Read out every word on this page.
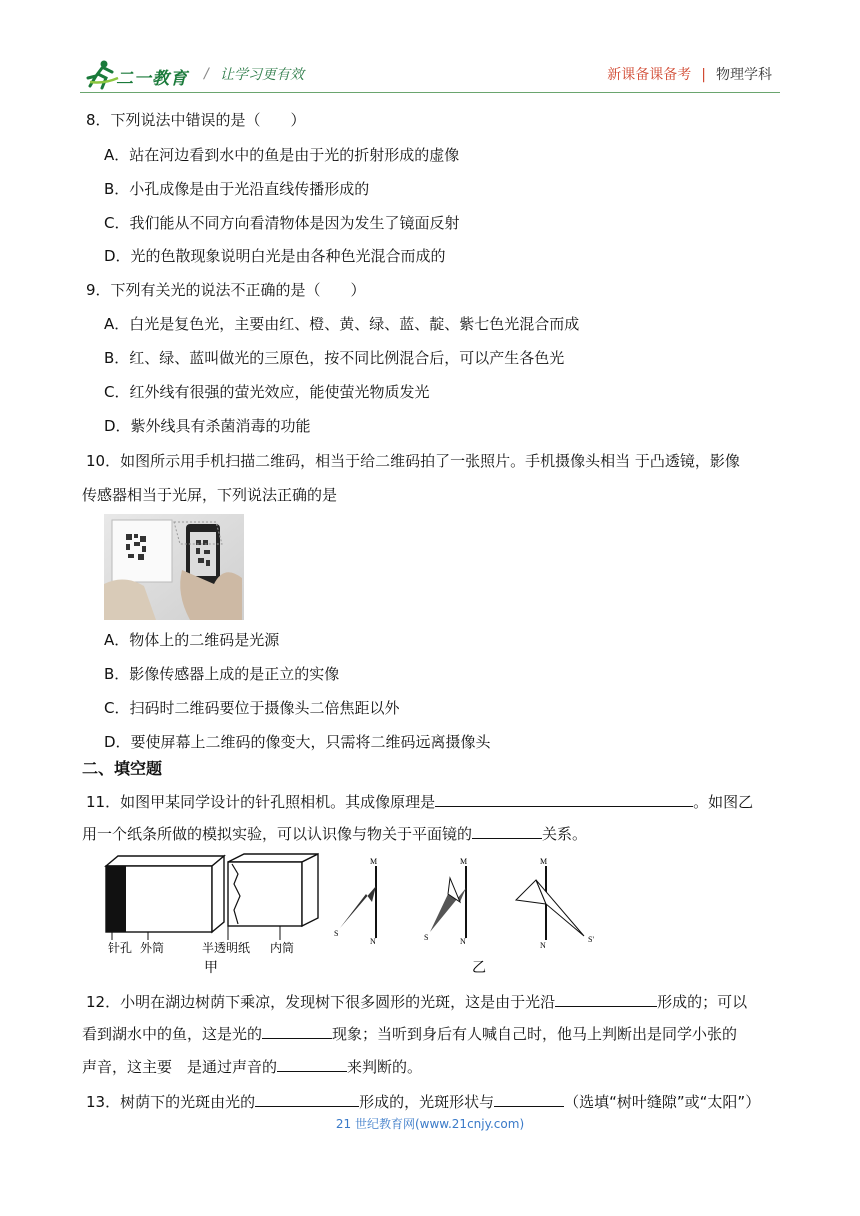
二一教育 / 让学习更有效	新课备课备考 | 物理学科
8．下列说法中错误的是（　　）
A．站在河边看到水中的鱼是由于光的折射形成的虚像
B．小孔成像是由于光沿直线传播形成的
C．我们能从不同方向看清物体是因为发生了镜面反射
D．光的色散现象说明白光是由各种色光混合而成的
9．下列有关光的说法不正确的是（　　）
A．白光是复色光，主要由红、橙、黄、绿、蓝、靛、紫七色光混合而成
B．红、绿、蓝叫做光的三原色，按不同比例混合后，可以产生各色光
C．红外线有很强的萤光效应，能使萤光物质发光
D．紫外线具有杀菌消毒的功能
10．如图所示用手机扫描二维码，相当于给二维码拍了一张照片。手机摄像头相当 于凸透镜，影像
传感器相当于光屏，下列说法正确的是
A．物体上的二维码是光源
B．影像传感器上成的是正立的实像
C．扫码时二维码要位于摄像头二倍焦距以外
D．要使屏幕上二维码的像变大，只需将二维码远离摄像头
二、填空题
11．如图甲某同学设计的针孔照相机。其成像原理是	。如图乙
用一个纸条所做的模拟实验，可以认识像与物关于平面镜的	关系。
针孔 外筒	半透明纸 内筒
甲
M
N
S
M
N
S
M
N
S'
乙
12．小明在湖边树荫下乘凉，发现树下很多圆形的光斑，这是由于光沿	形成的；可以
看到湖水中的鱼，这是光的	现象；当听到身后有人喊自己时，他马上判断出是同学小张的
声音，这主要　是通过声音的	来判断的。
13．树荫下的光斑由光的	形成的，光斑形状与	（选填“树叶缝隙”或“太阳”）
21 世纪教育网(www.21cnjy.com)
